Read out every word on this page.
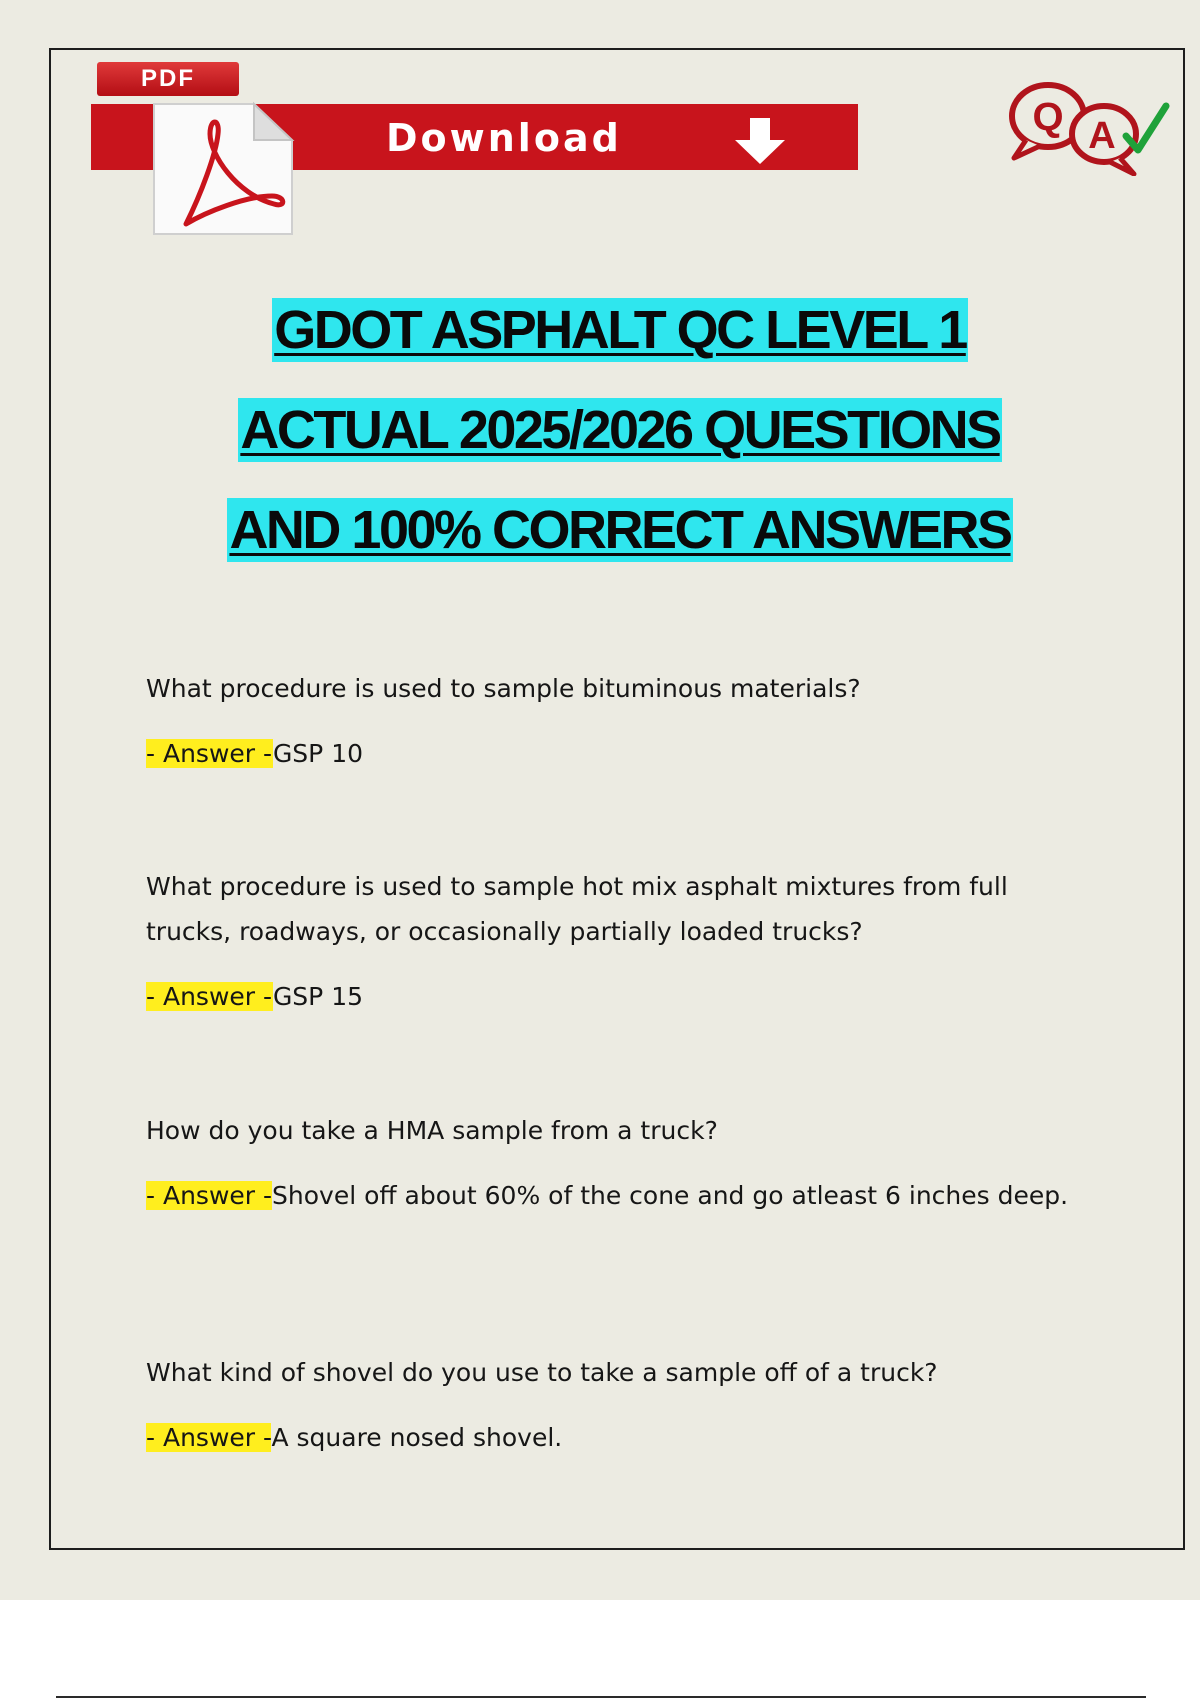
PDF
Download	Q A
GDOT ASPHALT QC LEVEL 1
ACTUAL 2025/2026 QUESTIONS
AND 100% CORRECT ANSWERS

What procedure is used to sample bituminous materials?

- Answer -GSP 10

What procedure is used to sample hot mix asphalt mixtures from full trucks, roadways, or occasionally partially loaded trucks?

- Answer -GSP 15

How do you take a HMA sample from a truck?

- Answer -Shovel off about 60% of the cone and go atleast 6 inches deep.

What kind of shovel do you use to take a sample off of a truck?

- Answer -A square nosed shovel.
